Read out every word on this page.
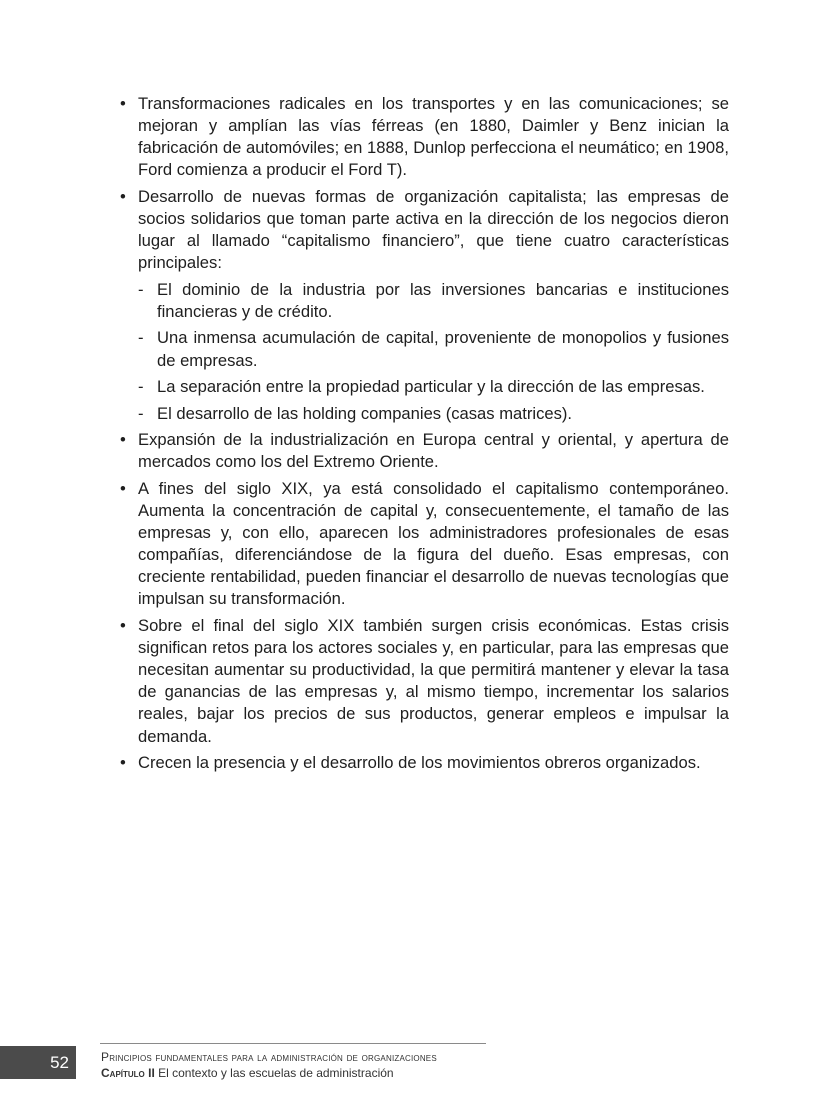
• Transformaciones radicales en los transportes y en las comunicaciones; se mejoran y amplían las vías férreas (en 1880, Daimler y Benz inician la fabricación de automóviles; en 1888, Dunlop perfecciona el neumático; en 1908, Ford comienza a producir el Ford T).
• Desarrollo de nuevas formas de organización capitalista; las empresas de socios solidarios que toman parte activa en la dirección de los negocios dieron lugar al llamado “capitalismo financiero”, que tiene cuatro características principales:
- El dominio de la industria por las inversiones bancarias e instituciones financieras y de crédito.
- Una inmensa acumulación de capital, proveniente de monopolios y fusiones de empresas.
- La separación entre la propiedad particular y la dirección de las empresas.
- El desarrollo de las holding companies (casas matrices).
• Expansión de la industrialización en Europa central y oriental, y apertura de mercados como los del Extremo Oriente.
• A fines del siglo XIX, ya está consolidado el capitalismo contemporáneo. Aumenta la concentración de capital y, consecuentemente, el tamaño de las empresas y, con ello, aparecen los administradores profesionales de esas compañías, diferenciándose de la figura del dueño. Esas empresas, con creciente rentabilidad, pueden financiar el desarrollo de nuevas tecnologías que impulsan su transformación.
• Sobre el final del siglo XIX también surgen crisis económicas. Estas crisis significan retos para los actores sociales y, en particular, para las empresas que necesitan aumentar su productividad, la que permitirá mantener y elevar la tasa de ganancias de las empresas y, al mismo tiempo, incrementar los salarios reales, bajar los precios de sus productos, generar empleos e impulsar la demanda.
• Crecen la presencia y el desarrollo de los movimientos obreros organizados.
52	Principios fundamentales para la administración de organizaciones
Capítulo II El contexto y las escuelas de administración
